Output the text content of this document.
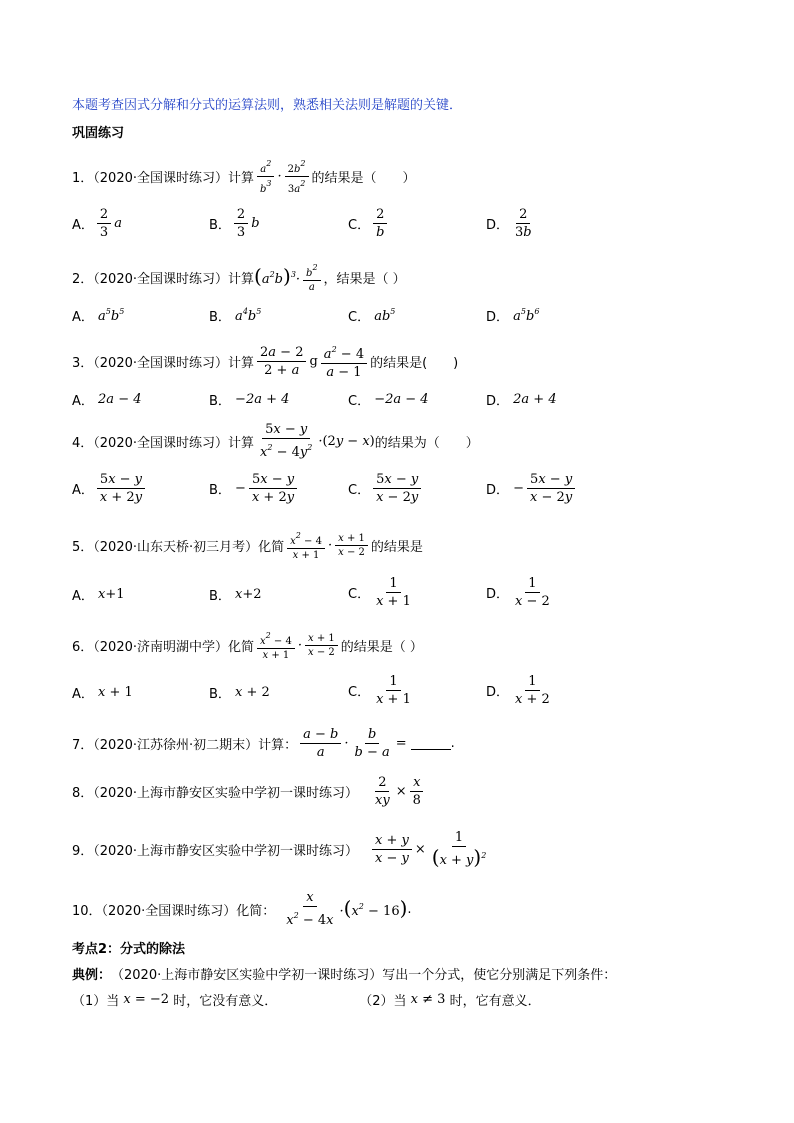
本题考查因式分解和分式的运算法则，熟悉相关法则是解题的关键．
巩固练习
1．（2020·全国课时练习）计算 $\frac{a^2}{b^3} \cdot \frac{2b^2}{3a^2}$ 的结果是（　　）
A． $\frac{2}{3}$ a	B． $\frac{2}{3}$ b	C． $\frac{2}{b}$	D． $\frac{2}{3b}$
2．（2020·全国课时练习）计算 $(a^2b)^3\cdot \frac{b^2}{a}$ ，结果是（ ）
A． $a^5b^5$	B． $a^4b^5$	C． $ab^5$	D． $a^5b^6$
3．（2020·全国课时练习）计算 $\frac{2a - 2}{2 + a}$ g $\frac{a^2 - 4}{a - 1}$ 的结果是(　　)
A． 2a − 4	B． −2a + 4	C． −2a − 4	D． 2a + 4
4．（2020·全国课时练习）计算 $\frac{5x - y}{x^2 - 4y^2} \cdot(2y - x)$ 的结果为（　　）
A． $\frac{5x - y}{x + 2y}$	B． − $\frac{5x - y}{x + 2y}$	C． $\frac{5x - y}{x - 2y}$	D． − $\frac{5x - y}{x - 2y}$
5．（2020·山东天桥·初三月考）化简 $\frac{x^2 - 4}{x + 1} \cdot \frac{x + 1}{x - 2}$ 的结果是
A． x+1	B． x+2	C． $\frac{1}{x + 1}$	D． $\frac{1}{x - 2}$
6．（2020·济南明湖中学）化简 $\frac{x^2 - 4}{x + 1} \cdot \frac{x + 1}{x - 2}$ 的结果是（ ）
A． x + 1	B． x + 2	C． $\frac{1}{x + 1}$	D． $\frac{1}{x + 2}$
7．（2020·江苏徐州·初二期末）计算： $\frac{a - b}{a} \cdot \frac{b}{b - a}$ =	.
8．（2020·上海市静安区实验中学初一课时练习） $\frac{2}{xy} \times \frac{x}{8}$
9．（2020·上海市静安区实验中学初一课时练习） $\frac{x + y}{x - y} \times \frac{1}{(x + y)^2}$
10．（2020·全国课时练习）化简： $\frac{x}{x^2 - 4x} \cdot(x^2 - 16)$ .
考点2：分式的除法
典例： （2020·上海市静安区实验中学初一课时练习）写出一个分式，使它分别满足下列条件：
（1）当 x = −2 时，它没有意义．	（2）当 x ≠ 3 时，它有意义．
